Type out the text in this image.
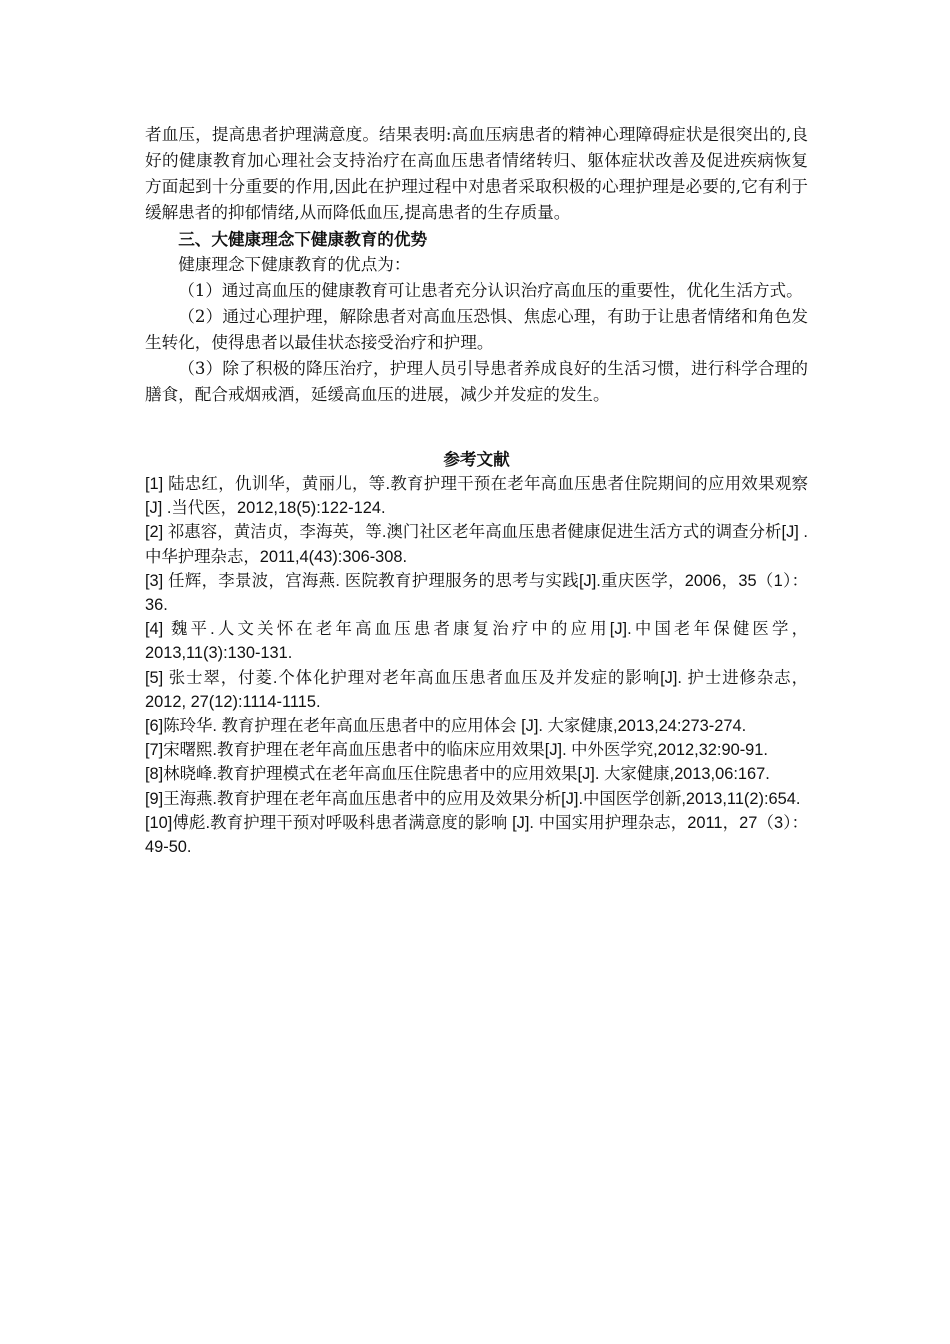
者血压，提高患者护理满意度。结果表明:高血压病患者的精神心理障碍症状是很突出的,良好的健康教育加心理社会支持治疗在高血压患者情绪转归、躯体症状改善及促进疾病恢复方面起到十分重要的作用,因此在护理过程中对患者采取积极的心理护理是必要的,它有利于缓解患者的抑郁情绪,从而降低血压,提高患者的生存质量。

三、大健康理念下健康教育的优势

健康理念下健康教育的优点为：

（1）通过高血压的健康教育可让患者充分认识治疗高血压的重要性，优化生活方式。

（2）通过心理护理，解除患者对高血压恐惧、焦虑心理，有助于让患者情绪和角色发生转化，使得患者以最佳状态接受治疗和护理。

（3）除了积极的降压治疗，护理人员引导患者养成良好的生活习惯，进行科学合理的膳食，配合戒烟戒酒，延缓高血压的进展，减少并发症的发生。

参考文献
[1] 陆忠红，仇训华，黄丽儿，等.教育护理干预在老年高血压患者住院期间的应用效果观察[J] .当代医，2012,18(5):122-124.
[2] 祁惠容，黄洁贞，李海英，等.澳门社区老年高血压患者健康促进生活方式的调查分析[J] .中华护理杂志，2011,4(43):306-308.
[3] 任辉，李景波，宫海燕. 医院教育护理服务的思考与实践[J].重庆医学，2006，35（1）：36.
[4] 魏平.人文关怀在老年高血压患者康复治疗中的应用[J].中国老年保健医学，2013,11(3):130-131.
[5] 张士翠，付菱.个体化护理对老年高血压患者血压及并发症的影响[J]. 护士进修杂志，2012, 27(12):1114-1115.
[6]陈玲华. 教育护理在老年高血压患者中的应用体会 [J]. 大家健康,2013,24:273-274.
[7]宋曙熙.教育护理在老年高血压患者中的临床应用效果[J]. 中外医学究,2012,32:90-91.
[8]林晓峰.教育护理模式在老年高血压住院患者中的应用效果[J]. 大家健康,2013,06:167.
[9]王海燕.教育护理在老年高血压患者中的应用及效果分析[J].中国医学创新,2013,11(2):654.
[10]傅彪.教育护理干预对呼吸科患者满意度的影响 [J]. 中国实用护理杂志，2011，27（3）：49-50.
